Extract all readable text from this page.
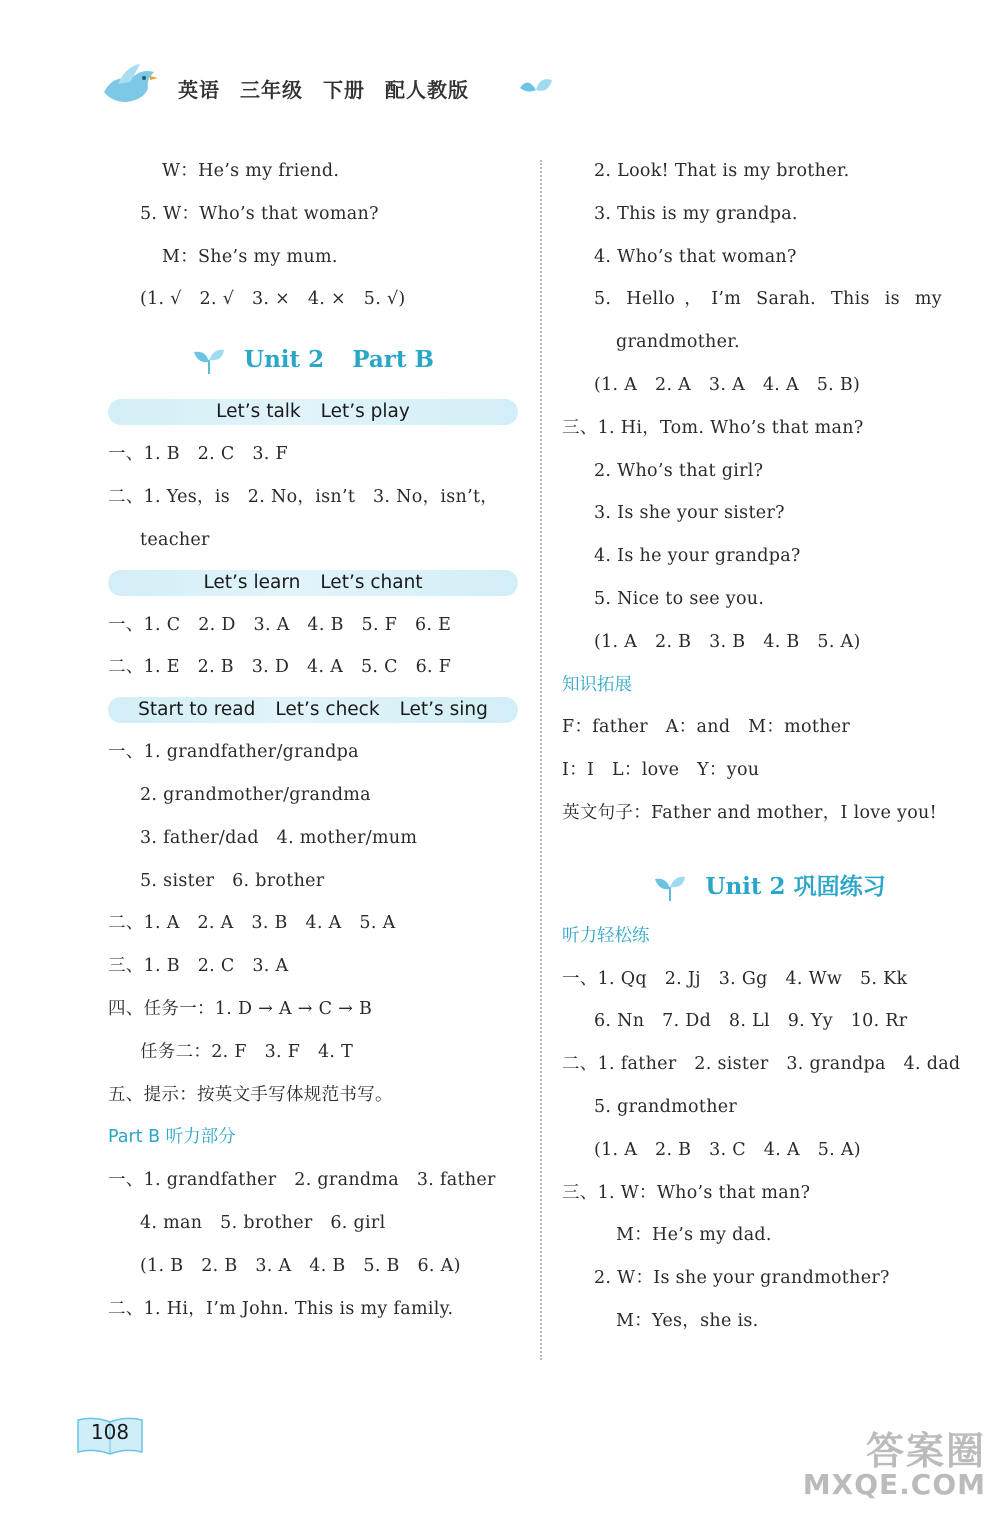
英语 三年级 下册 配人教版
W：He’s my friend.
5. W：Who’s that woman?
M：She’s my mum.
(1. √　2. √　3. ×　4. ×　5. √)
Unit 2 Part B
Let’s talk Let’s play
一、1. B　2. C　3. F
二、1. Yes，is　2. No，isn’t　3. No，isn’t，
teacher
Let’s learn Let’s chant
一、1. C　2. D　3. A　4. B　5. F　6. E
二、1. E　2. B　3. D　4. A　5. C　6. F
Start to read Let’s check Let’s sing
一、1. grandfather/grandpa
2. grandmother/grandma
3. father/dad　4. mother/mum
5. sister　6. brother
二、1. A　2. A　3. B　4. A　5. A
三、1. B　2. C　3. A
四、任务一：1. D → A → C → B
任务二：2. F　3. F　4. T
五、提示：按英文手写体规范书写。
Part B 听力部分
一、1. grandfather　2. grandma　3. father
4. man　5. brother　6. girl
(1. B　2. B　3. A　4. B　5. B　6. A)
二、1. Hi，I’m John. This is my family.
2. Look! That is my brother.
3. This is my grandpa.
4. Who’s that woman?
5. Hello，I’m Sarah. This is my
grandmother.
(1. A　2. A　3. A　4. A　5. B)
三、1. Hi，Tom. Who’s that man?
2. Who’s that girl?
3. Is she your sister?
4. Is he your grandpa?
5. Nice to see you.
(1. A　2. B　3. B　4. B　5. A)
知识拓展
F：father　A：and　M：mother
I：I　L：love　Y：you
英文句子：Father and mother，I love you!
Unit 2 巩固练习
听力轻松练
一、1. Qq　2. Jj　3. Gg　4. Ww　5. Kk
6. Nn　7. Dd　8. Ll　9. Yy　10. Rr
二、1. father　2. sister　3. grandpa　4. dad
5. grandmother
(1. A　2. B　3. C　4. A　5. A)
三、1. W：Who’s that man?
M：He’s my dad.
2. W：Is she your grandmother?
M：Yes，she is.
108	答案圈
MXQE.COM
